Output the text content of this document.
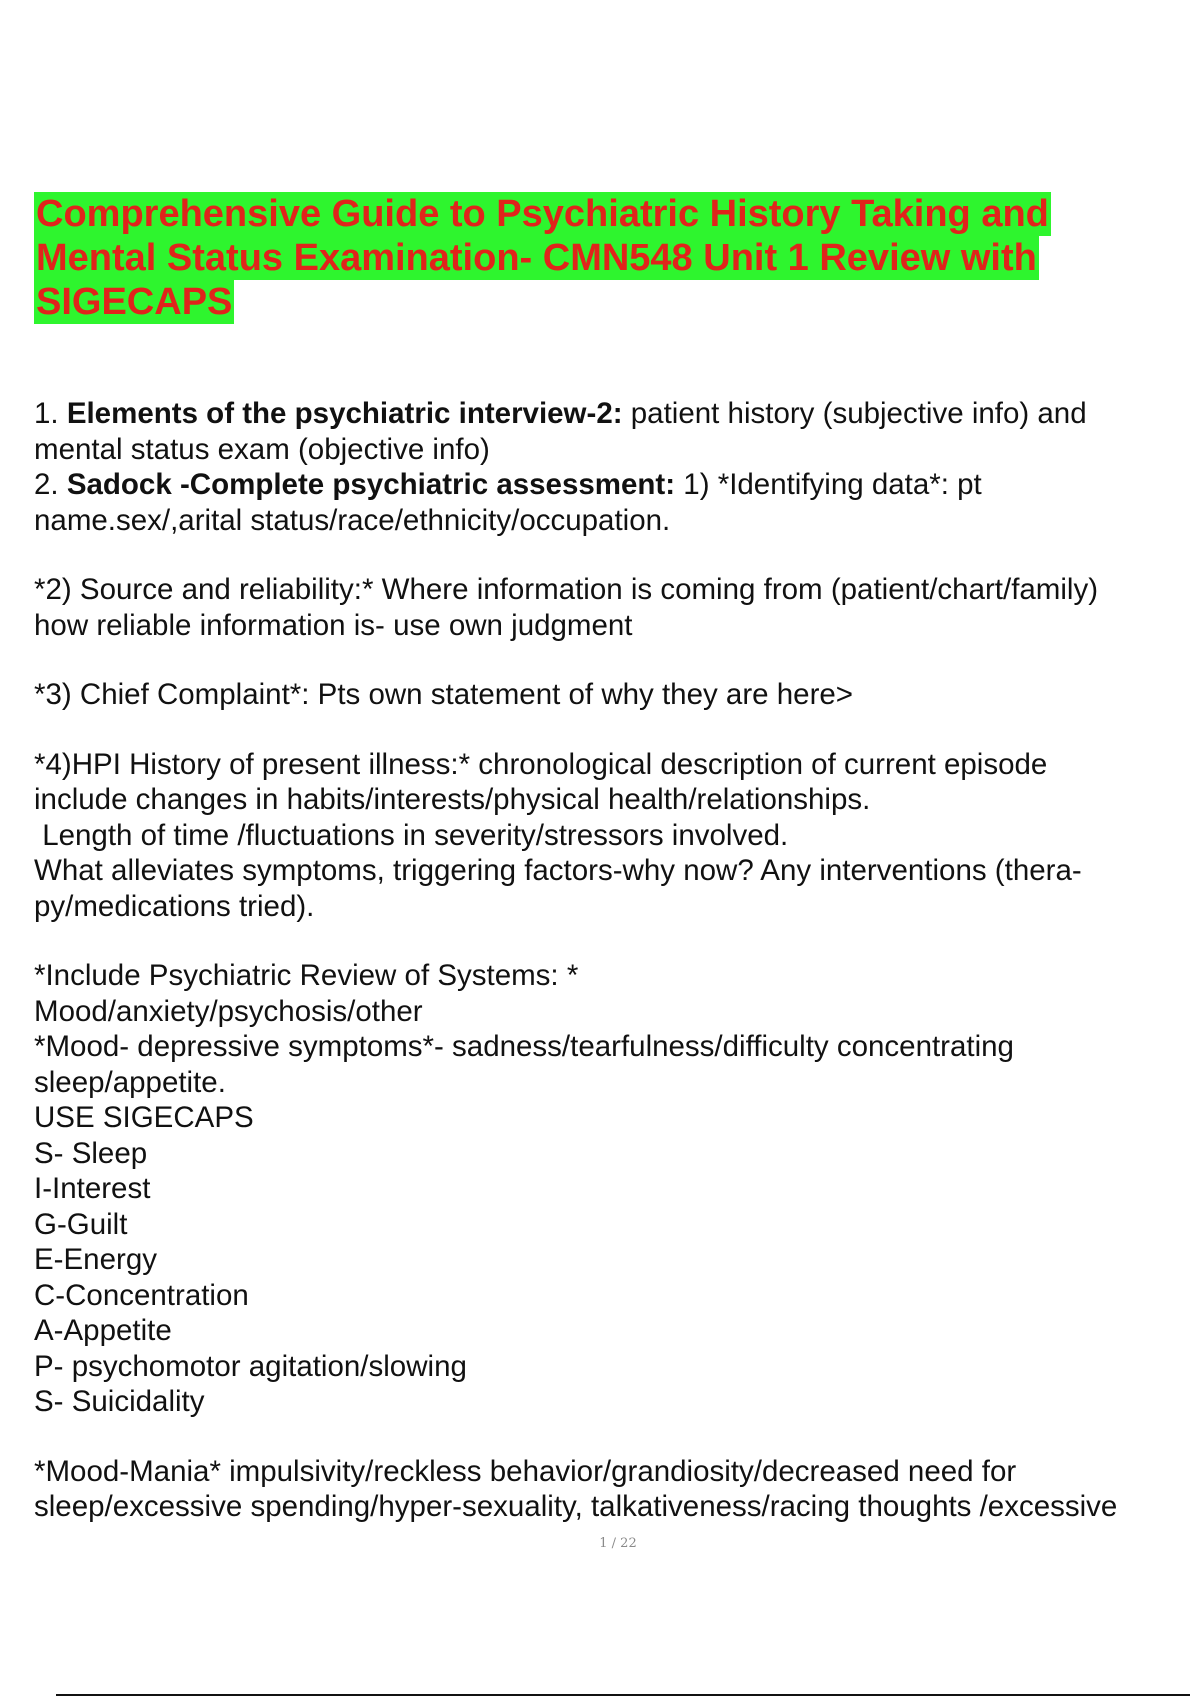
Comprehensive Guide to Psychiatric History Taking and
Mental Status Examination- CMN548 Unit 1 Review with
SIGECAPS
1. Elements of the psychiatric interview-2: patient history (subjective info) and
mental status exam (objective info)
2. Sadock -Complete psychiatric assessment: 1) *Identifying data*: pt
name.sex/,arital status/race/ethnicity/occupation.
*2) Source and reliability:* Where information is coming from (patient/chart/family)
how reliable information is- use own judgment
*3) Chief Complaint*: Pts own statement of why they are here>
*4)HPI History of present illness:* chronological description of current episode
include changes in habits/interests/physical health/relationships.
Length of time /fluctuations in severity/stressors involved.
What alleviates symptoms, triggering factors-why now? Any interventions (thera-
py/medications tried).
*Include Psychiatric Review of Systems: *
Mood/anxiety/psychosis/other
*Mood- depressive symptoms*- sadness/tearfulness/difficulty concentrating
sleep/appetite.
USE SIGECAPS
S- Sleep
I-Interest
G-Guilt
E-Energy
C-Concentration
A-Appetite
P- psychomotor agitation/slowing
S- Suicidality
*Mood-Mania* impulsivity/reckless behavior/grandiosity/decreased need for
sleep/excessive spending/hyper-sexuality, talkativeness/racing thoughts /excessive
1 / 22
